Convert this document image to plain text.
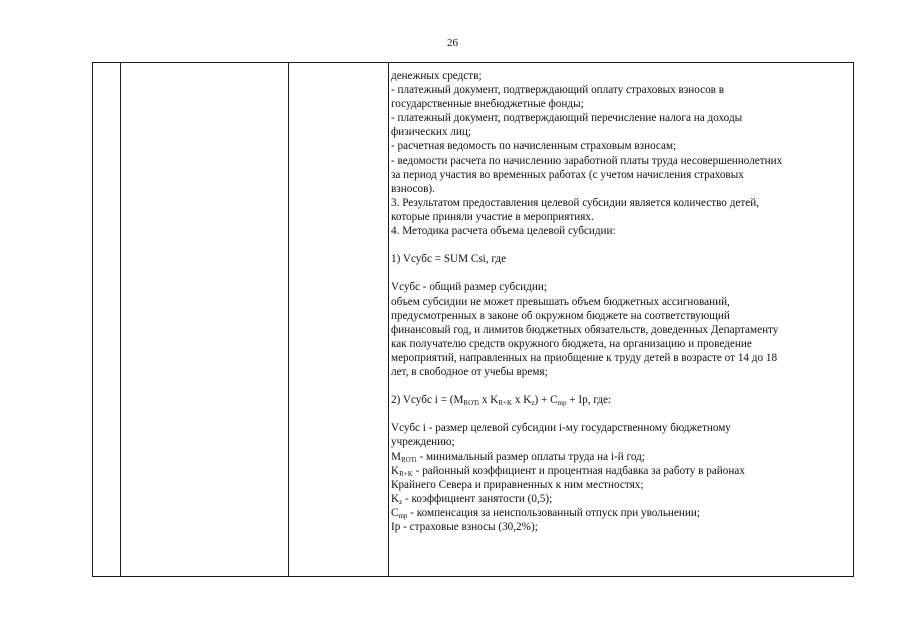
26
денежных средств;
- платежный документ, подтверждающий оплату страховых взносов в
государственные внебюджетные фонды;
- платежный документ, подтверждающий перечисление налога на доходы
физических лиц;
- расчетная ведомость по начисленным страховым взносам;
- ведомости расчета по начислению заработной платы труда несовершеннолетних
за период участия во временных работах (с учетом начисления страховых
взносов).
3. Результатом предоставления целевой субсидии является количество детей,
которые приняли участие в мероприятиях.
4. Методика расчета объема целевой субсидии:
1) Vсубс = SUM Csi, где
Vсубс - общий размер субсидии;
объем субсидии не может превышать объем бюджетных ассигнований,
предусмотренных в законе об окружном бюджете на соответствующий
финансовый год, и лимитов бюджетных обязательств, доведенных Департаменту
как получателю средств окружного бюджета, на организацию и проведение
мероприятий, направленных на приобщение к труду детей в возрасте от 14 до 18
лет, в свободное от учебы время;
2) Vсубс $i = (M_{ROTi}$ x $K_{R+K}$ x $K_z) + C_{mp} + Ip$, где:
Vсубс i - размер целевой субсидии i-му государственному бюджетному
учреждению;
$M_{ROTi}$ - минимальный размер оплаты труда на i-й год;
$K_{R+K}$ - районный коэффициент и процентная надбавка за работу в районах
Крайнего Севера и приравненных к ним местностях;
$K_z$ - коэффициент занятости (0,5);
$C_{mp}$ - компенсация за неиспользованный отпуск при увольнении;
Ip - страховые взносы (30,2%);
